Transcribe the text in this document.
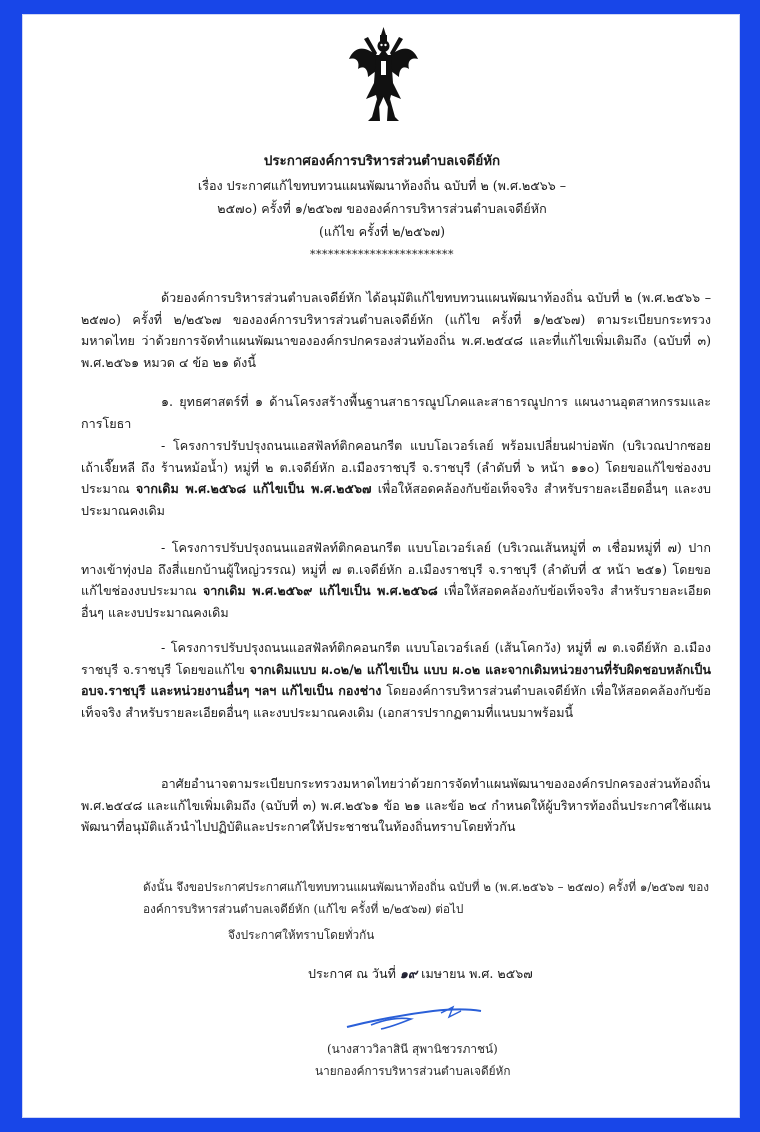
ประกาศองค์การบริหารส่วนตำบลเจดีย์หัก
เรื่อง ประกาศแก้ไขทบทวนแผนพัฒนาท้องถิ่น ฉบับที่ ๒ (พ.ศ.๒๕๖๖ –
๒๕๗๐) ครั้งที่ ๑/๒๕๖๗ ขององค์การบริหารส่วนตำบลเจดีย์หัก
(แก้ไข ครั้งที่ ๒/๒๕๖๗)
************************
ด้วยองค์การบริหารส่วนตำบลเจดีย์หัก ได้อนุมัติแก้ไขทบทวนแผนพัฒนาท้องถิ่น ฉบับที่ ๒ (พ.ศ.๒๕๖๖ – ๒๕๗๐) ครั้งที่ ๒/๒๕๖๗ ขององค์การบริหารส่วนตำบลเจดีย์หัก (แก้ไข ครั้งที่ ๑/๒๕๖๗) ตามระเบียบกระทรวงมหาดไทย ว่าด้วยการจัดทำแผนพัฒนาขององค์กรปกครองส่วนท้องถิ่น พ.ศ.๒๕๔๘ และที่แก้ไขเพิ่มเติมถึง (ฉบับที่ ๓) พ.ศ.๒๕๖๑ หมวด ๔ ข้อ ๒๑ ดังนี้
๑. ยุทธศาสตร์ที่ ๑ ด้านโครงสร้างพื้นฐานสาธารณูปโภคและสาธารณูปการ แผนงานอุตสาหกรรมและการโยธา
- โครงการปรับปรุงถนนแอสฟัลท์ติกคอนกรีต แบบโอเวอร์เลย์ พร้อมเปลี่ยนฝาบ่อพัก (บริเวณปากซอยเถ้าเจี๊ยหลี ถึง ร้านหม้อน้ำ) หมู่ที่ ๒ ต.เจดีย์หัก อ.เมืองราชบุรี จ.ราชบุรี (ลำดับที่ ๖ หน้า ๑๑๐) โดยขอแก้ไขช่องงบประมาณ จากเดิม พ.ศ.๒๕๖๘ แก้ไขเป็น พ.ศ.๒๕๖๗ เพื่อให้สอดคล้องกับข้อเท็จจริง สำหรับรายละเอียดอื่นๆ และงบประมาณคงเดิม
- โครงการปรับปรุงถนนแอสฟัลท์ติกคอนกรีต แบบโอเวอร์เลย์ (บริเวณเส้นหมู่ที่ ๓ เชื่อมหมู่ที่ ๗) ปากทางเข้าทุ่งปอ ถึงสี่แยกบ้านผู้ใหญ่วรรณ) หมู่ที่ ๗ ต.เจดีย์หัก อ.เมืองราชบุรี จ.ราชบุรี (ลำดับที่ ๕ หน้า ๒๕๑) โดยขอแก้ไขช่องงบประมาณ จากเดิม พ.ศ.๒๕๖๙ แก้ไขเป็น พ.ศ.๒๕๖๘ เพื่อให้สอดคล้องกับข้อเท็จจริง สำหรับรายละเอียดอื่นๆ และงบประมาณคงเดิม
- โครงการปรับปรุงถนนแอสฟัลท์ติกคอนกรีต แบบโอเวอร์เลย์ (เส้นโคกวัง) หมู่ที่ ๗ ต.เจดีย์หัก อ.เมืองราชบุรี จ.ราชบุรี โดยขอแก้ไข จากเดิมแบบ ผ.๐๒/๒ แก้ไขเป็น แบบ ผ.๐๒ และจากเดิมหน่วยงานที่รับผิดชอบหลักเป็น อบจ.ราชบุรี และหน่วยงานอื่นๆ ฯลฯ แก้ไขเป็น กองช่าง โดยองค์การบริหารส่วนตำบลเจดีย์หัก เพื่อให้สอดคล้องกับข้อเท็จจริง สำหรับรายละเอียดอื่นๆ และงบประมาณคงเดิม (เอกสารปรากฏตามที่แนบมาพร้อมนี้
อาศัยอำนาจตามระเบียบกระทรวงมหาดไทยว่าด้วยการจัดทำแผนพัฒนาขององค์กรปกครองส่วนท้องถิ่น พ.ศ.๒๕๔๘ และแก้ไขเพิ่มเติมถึง (ฉบับที่ ๓) พ.ศ.๒๕๖๑ ข้อ ๒๑ และข้อ ๒๔ กำหนดให้ผู้บริหารท้องถิ่นประกาศใช้แผนพัฒนาที่อนุมัติแล้วนำไปปฏิบัติและประกาศให้ประชาชนในท้องถิ่นทราบโดยทั่วกัน
ดังนั้น จึงขอประกาศประกาศแก้ไขทบทวนแผนพัฒนาท้องถิ่น ฉบับที่ ๒ (พ.ศ.๒๕๖๖ – ๒๕๗๐) ครั้งที่ ๑/๒๕๖๗ ขององค์การบริหารส่วนตำบลเจดีย์หัก (แก้ไข ครั้งที่ ๒/๒๕๖๗) ต่อไป
จึงประกาศให้ทราบโดยทั่วกัน
ประกาศ ณ วันที่ ๑๙ เมษายน พ.ศ. ๒๕๖๗
(นางสาววิลาสินี สุพานิชวรภาชน์)
นายกองค์การบริหารส่วนตำบลเจดีย์หัก
